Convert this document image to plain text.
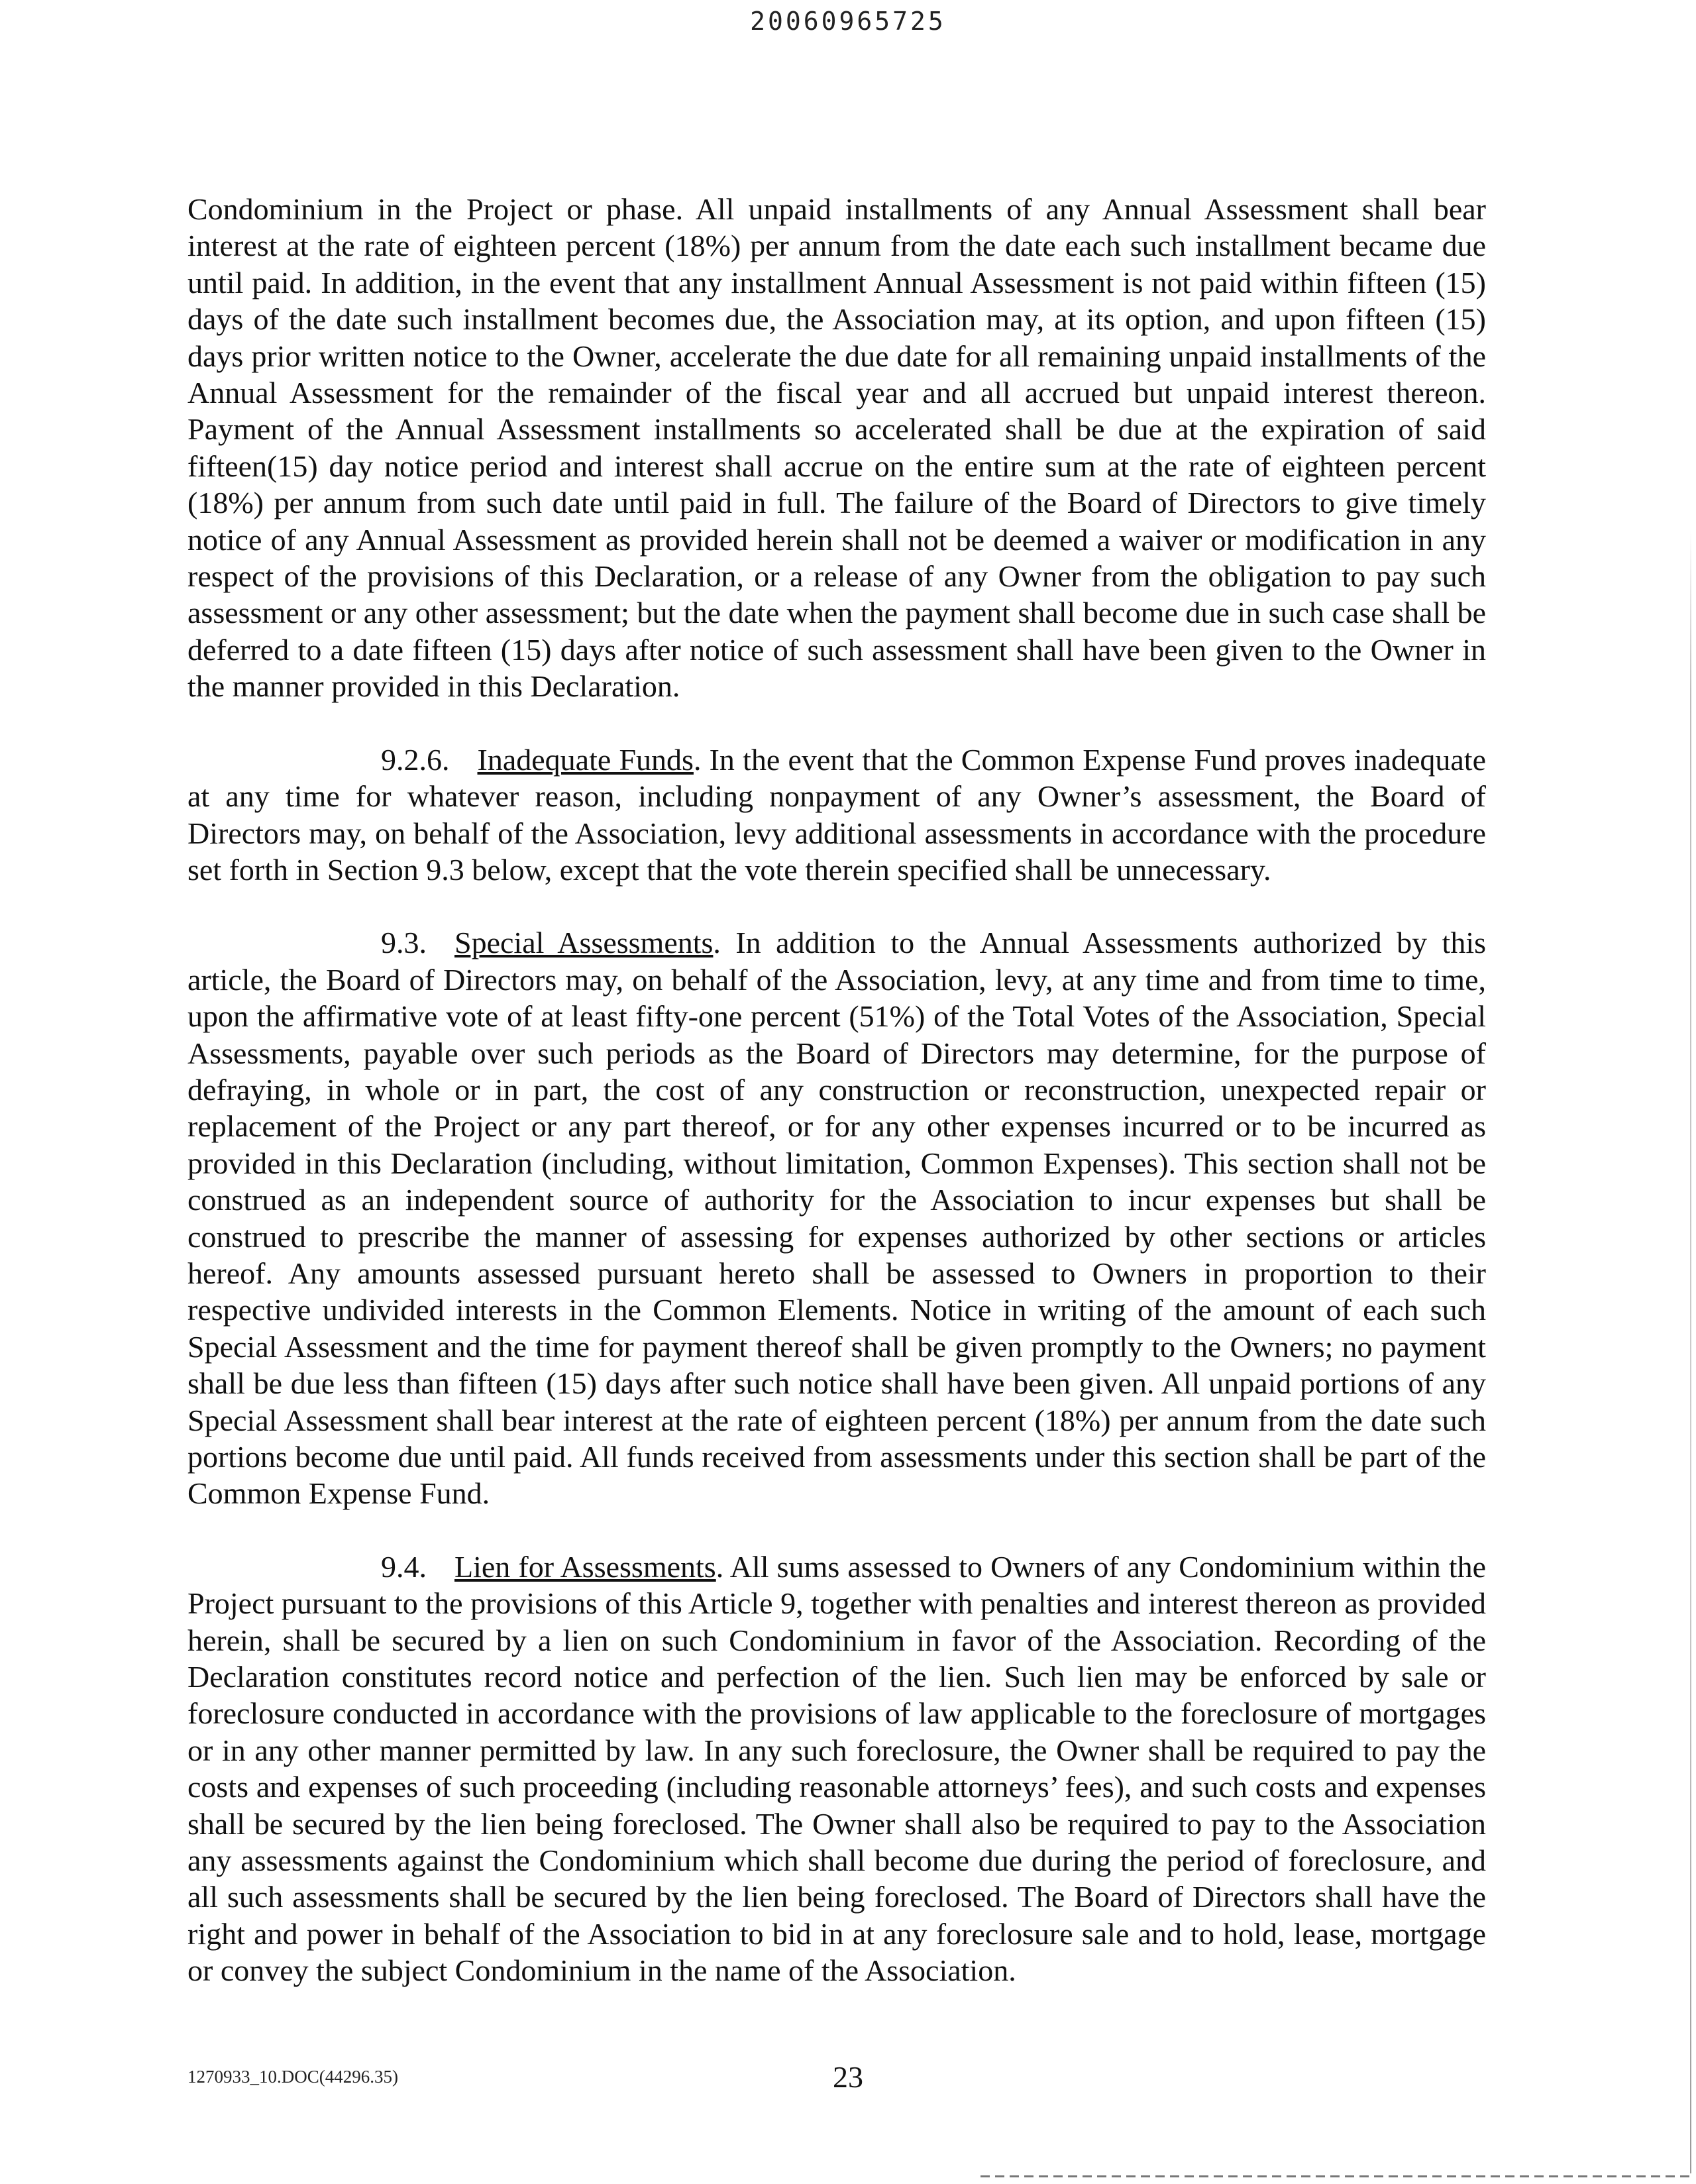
20060965725

Condominium in the Project or phase. All unpaid installments of any Annual Assessment shall bear interest at the rate of eighteen percent (18%) per annum from the date each such installment became due until paid. In addition, in the event that any installment Annual Assessment is not paid within fifteen (15) days of the date such installment becomes due, the Association may, at its option, and upon fifteen (15) days prior written notice to the Owner, accelerate the due date for all remaining unpaid installments of the Annual Assessment for the remainder of the fiscal year and all accrued but unpaid interest thereon. Payment of the Annual Assessment installments so accelerated shall be due at the expiration of said fifteen(15) day notice period and interest shall accrue on the entire sum at the rate of eighteen percent (18%) per annum from such date until paid in full. The failure of the Board of Directors to give timely notice of any Annual Assessment as provided herein shall not be deemed a waiver or modification in any respect of the provisions of this Declaration, or a release of any Owner from the obligation to pay such assessment or any other assessment; but the date when the payment shall become due in such case shall be deferred to a date fifteen (15) days after notice of such assessment shall have been given to the Owner in the manner provided in this Declaration.

9.2.6. Inadequate Funds. In the event that the Common Expense Fund proves inadequate at any time for whatever reason, including nonpayment of any Owner’s assessment, the Board of Directors may, on behalf of the Association, levy additional assessments in accordance with the procedure set forth in Section 9.3 below, except that the vote therein specified shall be unnecessary.

9.3. Special Assessments. In addition to the Annual Assessments authorized by this article, the Board of Directors may, on behalf of the Association, levy, at any time and from time to time, upon the affirmative vote of at least fifty-one percent (51%) of the Total Votes of the Association, Special Assessments, payable over such periods as the Board of Directors may determine, for the purpose of defraying, in whole or in part, the cost of any construction or reconstruction, unexpected repair or replacement of the Project or any part thereof, or for any other expenses incurred or to be incurred as provided in this Declaration (including, without limitation, Common Expenses). This section shall not be construed as an independent source of authority for the Association to incur expenses but shall be construed to prescribe the manner of assessing for expenses authorized by other sections or articles hereof. Any amounts assessed pursuant hereto shall be assessed to Owners in proportion to their respective undivided interests in the Common Elements. Notice in writing of the amount of each such Special Assessment and the time for payment thereof shall be given promptly to the Owners; no payment shall be due less than fifteen (15) days after such notice shall have been given. All unpaid portions of any Special Assessment shall bear interest at the rate of eighteen percent (18%) per annum from the date such portions become due until paid. All funds received from assessments under this section shall be part of the Common Expense Fund.

9.4. Lien for Assessments. All sums assessed to Owners of any Condominium within the Project pursuant to the provisions of this Article 9, together with penalties and interest thereon as provided herein, shall be secured by a lien on such Condominium in favor of the Association. Recording of the Declaration constitutes record notice and perfection of the lien. Such lien may be enforced by sale or foreclosure conducted in accordance with the provisions of law applicable to the foreclosure of mortgages or in any other manner permitted by law. In any such foreclosure, the Owner shall be required to pay the costs and expenses of such proceeding (including reasonable attorneys’ fees), and such costs and expenses shall be secured by the lien being foreclosed. The Owner shall also be required to pay to the Association any assessments against the Condominium which shall become due during the period of foreclosure, and all such assessments shall be secured by the lien being foreclosed. The Board of Directors shall have the right and power in behalf of the Association to bid in at any foreclosure sale and to hold, lease, mortgage or convey the subject Condominium in the name of the Association.

1270933_10.DOC(44296.35)	23
